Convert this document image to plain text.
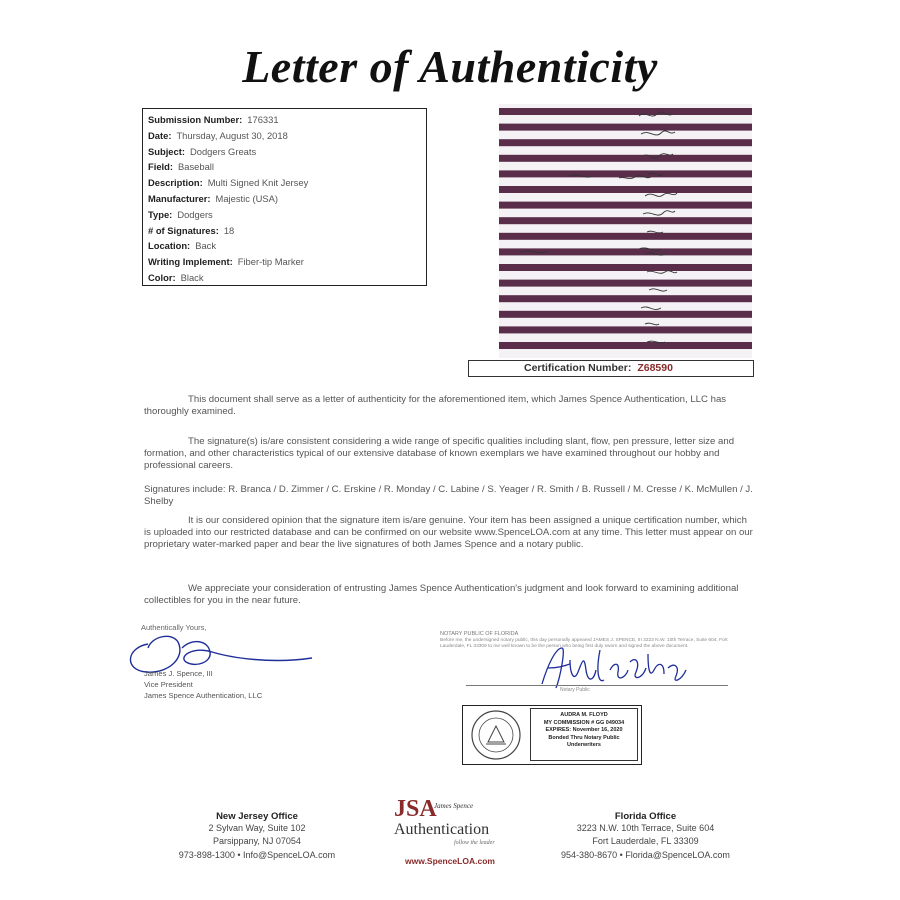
Letter of Authenticity
Submission Number: 176331
Date: Thursday, August 30, 2018
Subject: Dodgers Greats
Field: Baseball
Description: Multi Signed Knit Jersey
Manufacturer: Majestic (USA)
Type: Dodgers
# of Signatures: 18
Location: Back
Writing Implement: Fiber-tip Marker
Color: Black
Certification Number: Z68590
This document shall serve as a letter of authenticity for the aforementioned item, which James Spence Authentication, LLC has thoroughly examined.
The signature(s) is/are consistent considering a wide range of specific qualities including slant, flow, pen pressure, letter size and formation, and other characteristics typical of our extensive database of known exemplars we have examined throughout our hobby and professional careers.
Signatures include: R. Branca / D. Zimmer / C. Erskine / R. Monday / C. Labine / S. Yeager / R. Smith / B. Russell / M. Cresse / K. McMullen / J. Shelby
It is our considered opinion that the signature item is/are genuine. Your item has been assigned a unique certification number, which is uploaded into our restricted database and can be confirmed on our website www.SpenceLOA.com at any time. This letter must appear on our proprietary water-marked paper and bear the live signatures of both James Spence and a notary public.
We appreciate your consideration of entrusting James Spence Authentication's judgment and look forward to examining additional collectibles for you in the near future.
Authentically Yours,
James J. Spence, III
Vice President
James Spence Authentication, LLC
NOTARY PUBLIC OF FLORIDA
Before me, the undersigned notary public, this day personally appeared JAMES J. SPENCE, III 3223 N.W. 10th Terrace, Suite 604, Fort Lauderdale, FL 33309 to me well known to be the person who being first duly sworn and signed the above document.
Notary Public
AUDRA M. FLOYD
MY COMMISSION # GG 049034
EXPIRES: November 16, 2020
Bonded Thru Notary Public Underwriters
New Jersey Office
2 Sylvan Way, Suite 102
Parsippany, NJ 07054
973-898-1300 • Info@SpenceLOA.com
JSA
James Spence
Authentication
follow the leader
www.SpenceLOA.com
Florida Office
3223 N.W. 10th Terrace, Suite 604
Fort Lauderdale, FL 33309
954-380-8670 • Florida@SpenceLOA.com
